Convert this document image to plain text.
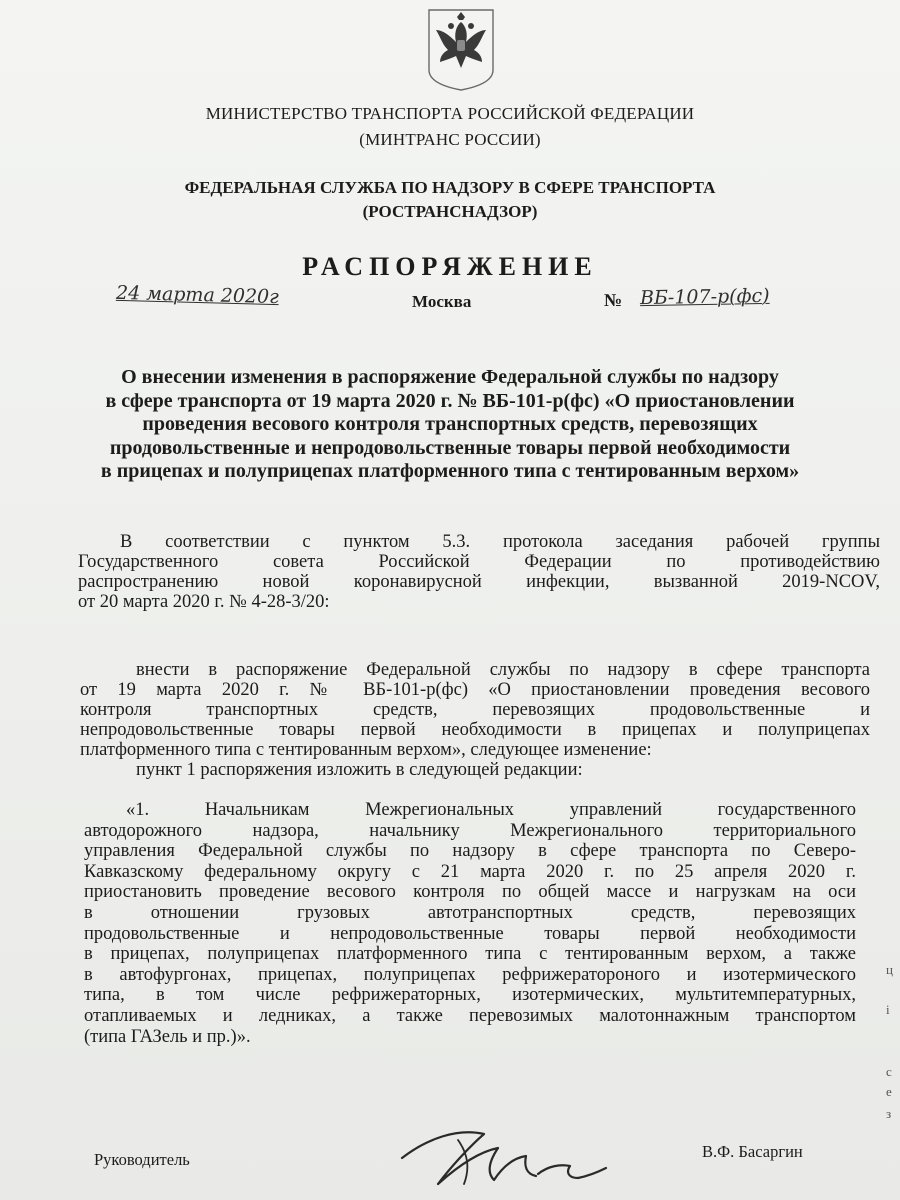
МИНИСТЕРСТВО ТРАНСПОРТА РОССИЙСКОЙ ФЕДЕРАЦИИ
(МИНТРАНС РОССИИ)
ФЕДЕРАЛЬНАЯ СЛУЖБА ПО НАДЗОРУ В СФЕРЕ ТРАНСПОРТА
(РОСТРАНСНАДЗОР)
РАСПОРЯЖЕНИЕ
24 марта 2020г	Москва	№ ВБ-107-р(фс)
О внесении изменения в распоряжение Федеральной службы по надзору
в сфере транспорта от 19 марта 2020 г. № ВБ-101-р(фс) «О приостановлении
проведения весового контроля транспортных средств, перевозящих
продовольственные и непродовольственные товары первой необходимости
в прицепах и полуприцепах платформенного типа с тентированным верхом»
В соответствии с пунктом 5.3. протокола заседания рабочей группы
Государственного совета Российской Федерации по противодействию
распространению новой коронавирусной инфекции, вызванной 2019-NCOV,
от 20 марта 2020 г. № 4-28-3/20:
внести в распоряжение Федеральной службы по надзору в сфере транспорта
от 19 марта 2020 г. № ВБ-101-р(фс) «О приостановлении проведения весового
контроля транспортных средств, перевозящих продовольственные и
непродовольственные товары первой необходимости в прицепах и полуприцепах
платформенного типа с тентированным верхом», следующее изменение:
пункт 1 распоряжения изложить в следующей редакции:
«1. Начальникам Межрегиональных управлений государственного
автодорожного надзора, начальнику Межрегионального территориального
управления Федеральной службы по надзору в сфере транспорта по Северо-
Кавказскому федеральному округу с 21 марта 2020 г. по 25 апреля 2020 г.
приостановить проведение весового контроля по общей массе и нагрузкам на оси
в отношении грузовых автотранспортных средств, перевозящих
продовольственные и непродовольственные товары первой необходимости
в прицепах, полуприцепах платформенного типа с тентированным верхом, а также
в автофургонах, прицепах, полуприцепах рефрижератороного и изотермического
типа, в том числе рефрижераторных, изотермических, мультитемпературных,
отапливаемых и ледниках, а также перевозимых малотоннажным транспортом
(типа ГАЗель и пр.)».
Руководитель	В.Ф. Басаргин
ц
і
с
е
з
